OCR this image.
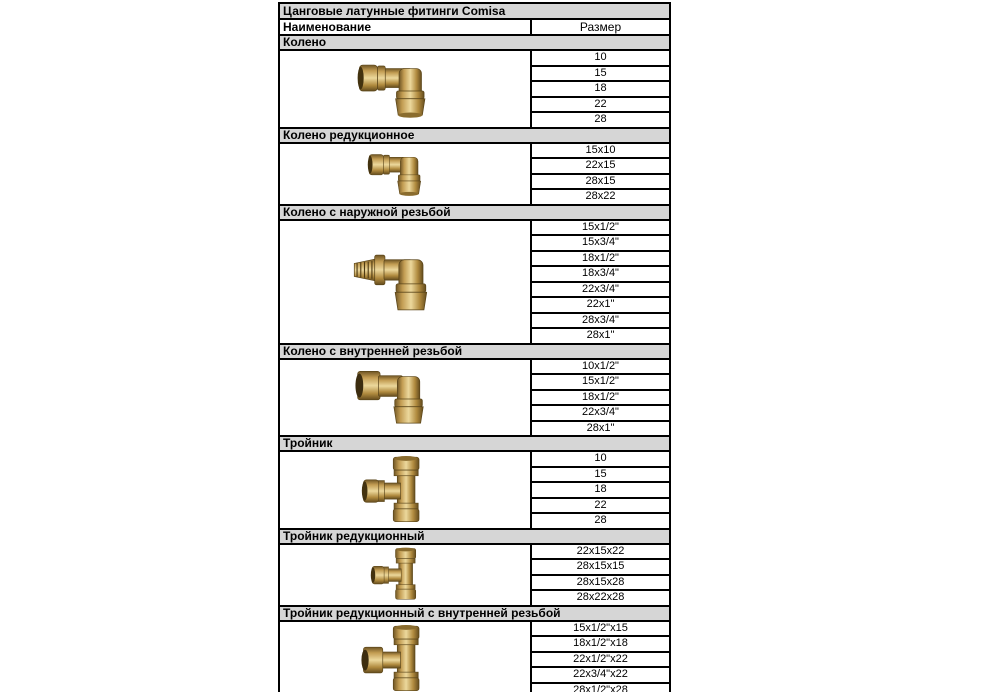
Цанговые латунные фитинги Comisa
Наименование	Размер
Колено
10
15
18
22
28
Колено редукционное
15x10
22x15
28x15
28x22
Колено с наружной резьбой
15x1/2"
15x3/4"
18x1/2"
18x3/4"
22x3/4"
22x1"
28x3/4"
28x1"
Колено с внутренней резьбой
10x1/2"
15x1/2"
18x1/2"
22x3/4"
28x1"
Тройник
10
15
18
22
28
Тройник редукционный
22x15x22
28x15x15
28x15x28
28x22x28
Тройник редукционный с внутренней резьбой
15x1/2"x15
18x1/2"x18
22x1/2"x22
22x3/4"x22
28x1/2"x28
